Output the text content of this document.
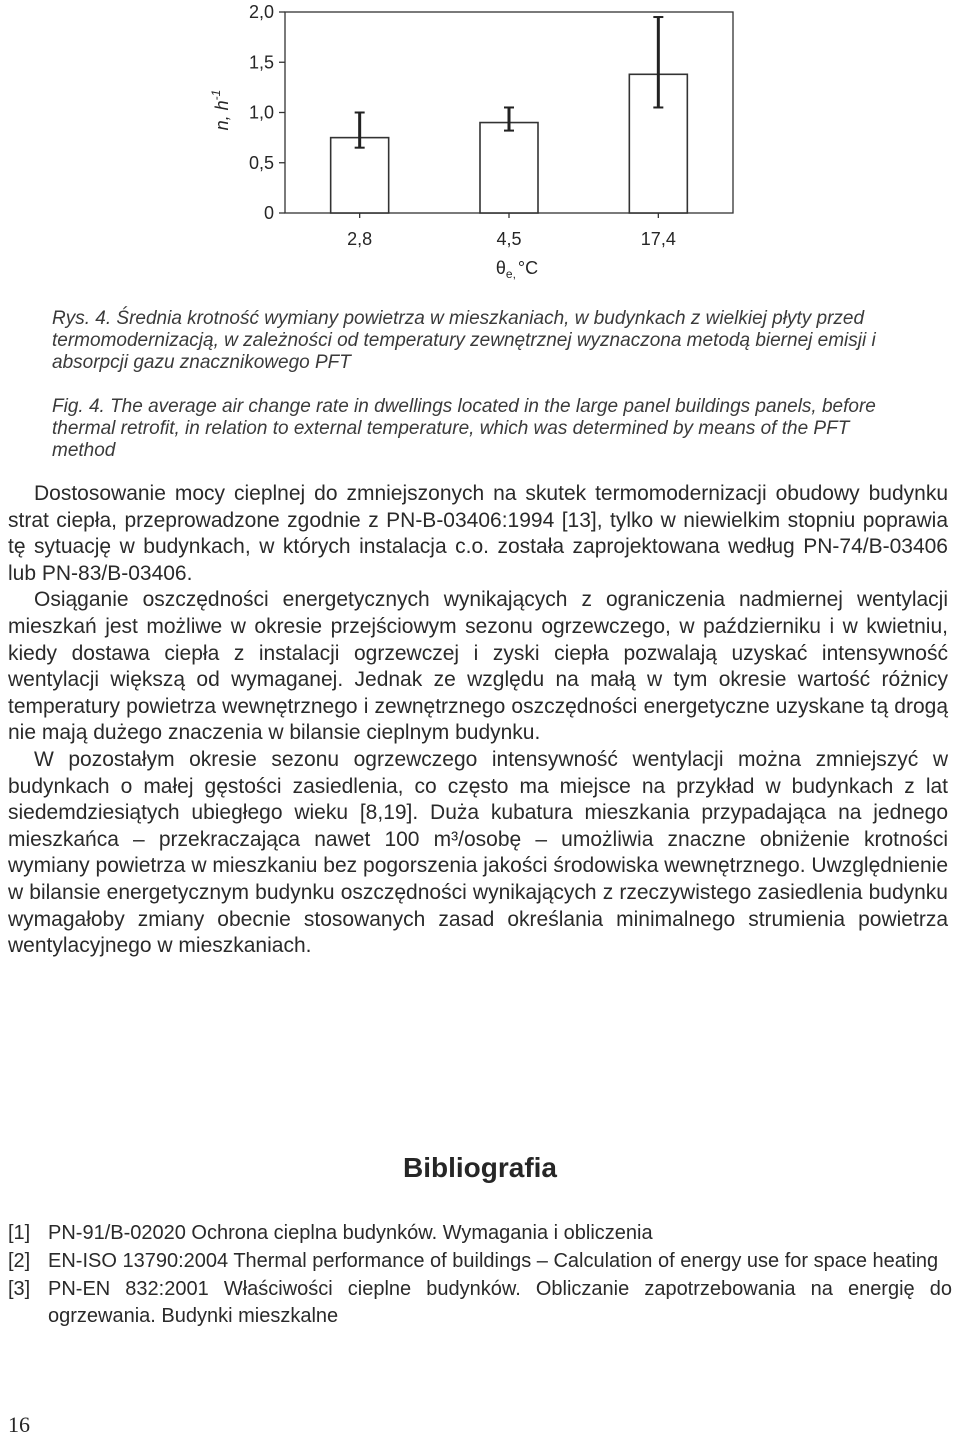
2,0
1,5
1,0
0,5
0
n, $h^{-1}$
2,8	4,5	17,4
$\theta_{e,}$ °C

Rys. 4. Średnia krotność wymiany powietrza w mieszkaniach, w budynkach z wielkiej płyty przed termomodernizacją, w zależności od temperatury zewnętrznej wyznaczona metodą biernej emisji i absorpcji gazu znacznikowego PFT

Fig. 4. The average air change rate in dwellings located in the large panel buildings panels, before thermal retrofit, in relation to external temperature, which was determined by means of the PFT method

Dostosowanie mocy cieplnej do zmniejszonych na skutek termomodernizacji obudowy budynku strat ciepła, przeprowadzone zgodnie z PN-B-03406:1994 [13], tylko w niewielkim stopniu poprawia tę sytuację w budynkach, w których instalacja c.o. została zaprojektowana według PN-74/B-03406 lub PN-83/B-03406.

Osiąganie oszczędności energetycznych wynikających z ograniczenia nadmiernej wentylacji mieszkań jest możliwe w okresie przejściowym sezonu ogrzewczego, w październiku i w kwietniu, kiedy dostawa ciepła z instalacji ogrzewczej i zyski ciepła pozwalają uzyskać intensywność wentylacji większą od wymaganej. Jednak ze względu na małą w tym okresie wartość różnicy temperatury powietrza wewnętrznego i zewnętrznego oszczędności energetyczne uzyskane tą drogą nie mają dużego znaczenia w bilansie cieplnym budynku.

W pozostałym okresie sezonu ogrzewczego intensywność wentylacji można zmniejszyć w budynkach o małej gęstości zasiedlenia, co często ma miejsce na przykład w budynkach z lat siedemdziesiątych ubiegłego wieku [8,19]. Duża kubatura mieszkania przypadająca na jednego mieszkańca – przekraczająca nawet 100 m³/osobę – umożliwia znaczne obniżenie krotności wymiany powietrza w mieszkaniu bez pogorszenia jakości środowiska wewnętrznego. Uwzględnienie w bilansie energetycznym budynku oszczędności wynikających z rzeczywistego zasiedlenia budynku wymagałoby zmiany obecnie stosowanych zasad określania minimalnego strumienia powietrza wentylacyjnego w mieszkaniach.

Bibliografia
[1] PN-91/B-02020 Ochrona cieplna budynków. Wymagania i obliczenia
[2] EN-ISO 13790:2004 Thermal performance of buildings – Calculation of energy use for space heating
[3] PN-EN 832:2001 Właściwości cieplne budynków. Obliczanie zapotrzebowania na energię do ogrzewania. Budynki mieszkalne
16
